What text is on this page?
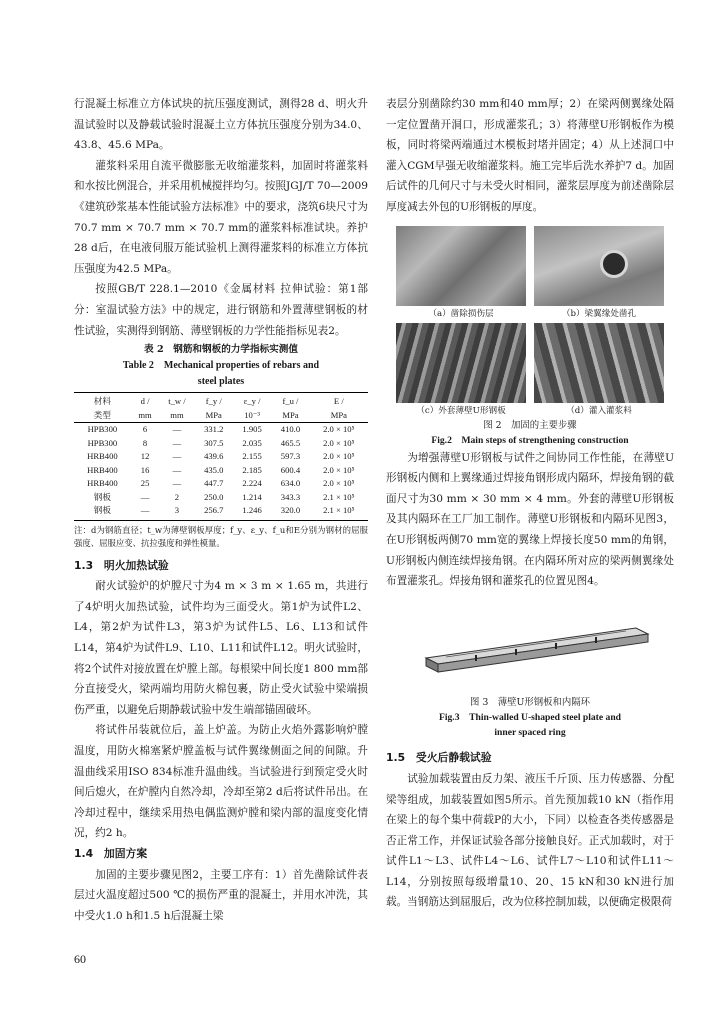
行混凝土标准立方体试块的抗压强度测试，测得28 d、明火升温试验时以及静载试验时混凝土立方体抗压强度分别为34.0、43.8、45.6 MPa。

灌浆料采用自流平微膨胀无收缩灌浆料，加固时将灌浆料和水按比例混合，并采用机械搅拌均匀。按照JGJ/T 70—2009《建筑砂浆基本性能试验方法标准》中的要求，浇筑6块尺寸为70.7 mm × 70.7 mm × 70.7 mm的灌浆料标准试块。养护28 d后，在电液伺服万能试验机上测得灌浆料的标准立方体抗压强度为42.5 MPa。

按照GB/T 228.1—2010《金属材料 拉伸试验：第1部分：室温试验方法》中的规定，进行钢筋和外置薄壁钢板的材性试验，实测得到钢筋、薄壁钢板的力学性能指标见表2。

表 2　钢筋和钢板的力学指标实测值
Table 2　Mechanical properties of rebars and
steel plates
材料	d /	t_w /	f_y /	ε_y /	f_u /	E /
类型	mm	mm	MPa	10⁻³	MPa	MPa
HPB300	6	—	331.2	1.905	410.0	2.0 × 10⁵
HPB300	8	—	307.5	2.035	465.5	2.0 × 10⁵
HRB400	12	—	439.6	2.155	597.3	2.0 × 10⁵
HRB400	16	—	435.0	2.185	600.4	2.0 × 10⁵
HRB400	25	—	447.7	2.224	634.0	2.0 × 10⁵
钢板	—	2	250.0	1.214	343.3	2.1 × 10⁵
钢板	—	3	256.7	1.246	320.0	2.1 × 10⁵
注：d为钢筋直径；t_w为薄壁钢板厚度；f_y、ε_y、f_u和E分别为钢材的屈服强度、屈服应变、抗拉强度和弹性模量。
1.3　明火加热试验

耐火试验炉的炉膛尺寸为4 m × 3 m × 1.65 m，共进行了4炉明火加热试验，试件均为三面受火。第1炉为试件L2、L4，第2炉为试件L3，第3炉为试件L5、L6、L13和试件L14，第4炉为试件L9、L10、L11和试件L12。明火试验时，将2个试件对接放置在炉膛上部。每根梁中间长度1 800 mm部分直接受火，梁两端均用防火棉包裹，防止受火试验中梁端损伤严重，以避免后期静载试验中发生端部锚固破坏。

将试件吊装就位后，盖上炉盖。为防止火焰外露影响炉膛温度，用防火棉塞紧炉膛盖板与试件翼缘侧面之间的间隙。升温曲线采用ISO 834标准升温曲线。当试验进行到预定受火时间后熄火，在炉膛内自然冷却，冷却至第2 d后将试件吊出。在冷却过程中，继续采用热电偶监测炉膛和梁内部的温度变化情况，约2 h。

1.4　加固方案

加固的主要步骤见图2，主要工序有：1）首先凿除试件表层过火温度超过500 ℃的损伤严重的混凝土，并用水冲洗，其中受火1.0 h和1.5 h后混凝土梁

表层分别凿除约30 mm和40 mm厚；2）在梁两侧翼缘处隔一定位置凿开洞口，形成灌浆孔；3）将薄壁U形钢板作为模板，同时将梁两端通过木模板封堵并固定；4）从上述洞口中灌入CGM早强无收缩灌浆料。施工完毕后洗水养护7 d。加固后试件的几何尺寸与未受火时相同，灌浆层厚度为前述凿除层厚度减去外包的U形钢板的厚度。

（a）凿除损伤层	（b）梁翼缘处凿孔
（c）外套薄壁U形钢板	（d）灌入灌浆料
图 2　加固的主要步骤
Fig.2　Main steps of strengthening construction

为增强薄壁U形钢板与试件之间协同工作性能，在薄壁U形钢板内侧和上翼缘通过焊接角钢形成内隔环，焊接角钢的截面尺寸为30 mm × 30 mm × 4 mm。外套的薄壁U形钢板及其内隔环在工厂加工制作。薄壁U形钢板和内隔环见图3，在U形钢板两侧70 mm宽的翼缘上焊接长度50 mm的角钢，U形钢板内侧连续焊接角钢。在内隔环所对应的梁两侧翼缘处布置灌浆孔。焊接角钢和灌浆孔的位置见图4。

图 3　薄壁U形钢板和内隔环
Fig.3　Thin-walled U-shaped steel plate and
inner spaced ring
1.5　受火后静载试验

试验加载装置由反力架、液压千斤顶、压力传感器、分配梁等组成，加载装置如图5所示。首先预加载10 kN（指作用在梁上的每个集中荷载P的大小，下同）以检查各类传感器是否正常工作，并保证试验各部分接触良好。正式加载时，对于试件L1～L3、试件L4～L6、试件L7～L10和试件L11～L14，分别按照每级增量10、20、15 kN和30 kN进行加载。当钢筋达到屈服后，改为位移控制加载，以便确定极限荷

60
